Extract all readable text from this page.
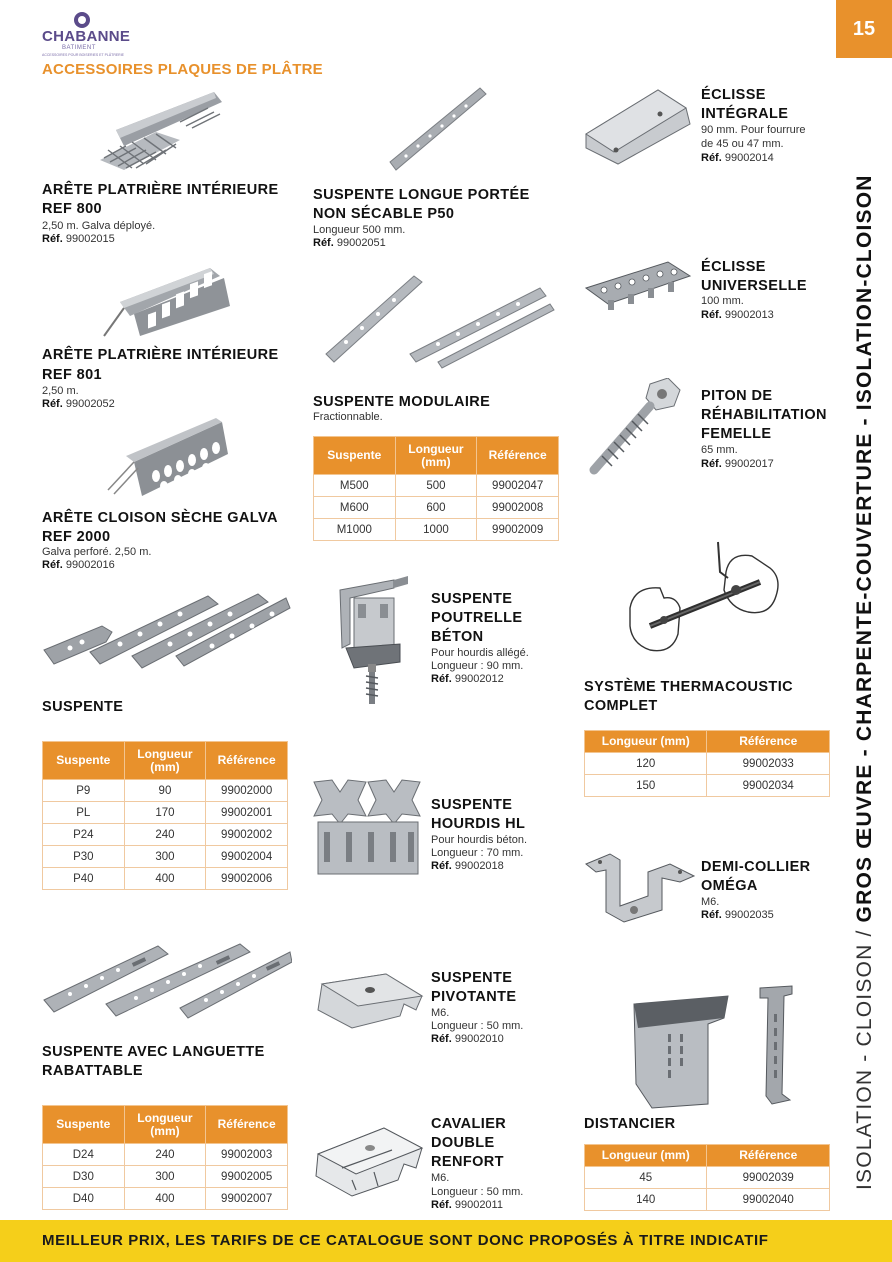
CHABANNE
BATIMENT
ACCESSOIRES POUR BOISERIES ET PLÂTRERIE
ACCESSOIRES PLAQUES DE PLÂTRE
15
ISOLATION - CLOISON / GROS ŒUVRE - CHARPENTE-COUVERTURE - ISOLATION-CLOISON
ARÊTE PLATRIÈRE INTÉRIEURE
REF 800
2,50 m. Galva déployé.
Réf. 99002015
ARÊTE PLATRIÈRE INTÉRIEURE
REF 801
2,50 m.
Réf. 99002052
ARÊTE CLOISON SÈCHE GALVA
REF 2000
Galva perforé. 2,50 m.
Réf. 99002016
SUSPENTE
Suspente	Longueur (mm)	Référence
P9	90	99002000
PL	170	99002001
P24	240	99002002
P30	300	99002004
P40	400	99002006
SUSPENTE AVEC LANGUETTE
RABATTABLE
Suspente	Longueur (mm)	Référence
D24	240	99002003
D30	300	99002005
D40	400	99002007
SUSPENTE LONGUE PORTÉE
NON SÉCABLE P50
Longueur 500 mm.
Réf. 99002051
SUSPENTE MODULAIRE
Fractionnable.
Suspente	Longueur (mm)	Référence
M500	500	99002047
M600	600	99002008
M1000	1000	99002009
SUSPENTE
POUTRELLE
BÉTON
Pour hourdis allégé.
Longueur : 90 mm.
Réf. 99002012
SUSPENTE
HOURDIS HL
Pour hourdis béton.
Longueur : 70 mm.
Réf. 99002018
SUSPENTE
PIVOTANTE
M6.
Longueur : 50 mm.
Réf. 99002010
CAVALIER
DOUBLE
RENFORT
M6.
Longueur : 50 mm.
Réf. 99002011
ÉCLISSE
INTÉGRALE
90 mm. Pour fourrure
de 45 ou 47 mm.
Réf. 99002014
ÉCLISSE
UNIVERSELLE
100 mm.
Réf. 99002013
PITON DE
RÉHABILITATION
FEMELLE
65 mm.
Réf. 99002017
SYSTÈME THERMACOUSTIC
COMPLET
Longueur (mm)	Référence
120	99002033
150	99002034
DEMI-COLLIER
OMÉGA
M6.
Réf. 99002035
DISTANCIER
Longueur (mm)	Référence
45	99002039
140	99002040
MEILLEUR PRIX, LES TARIFS DE CE CATALOGUE SONT DONC PROPOSÉS À TITRE INDICATIF
